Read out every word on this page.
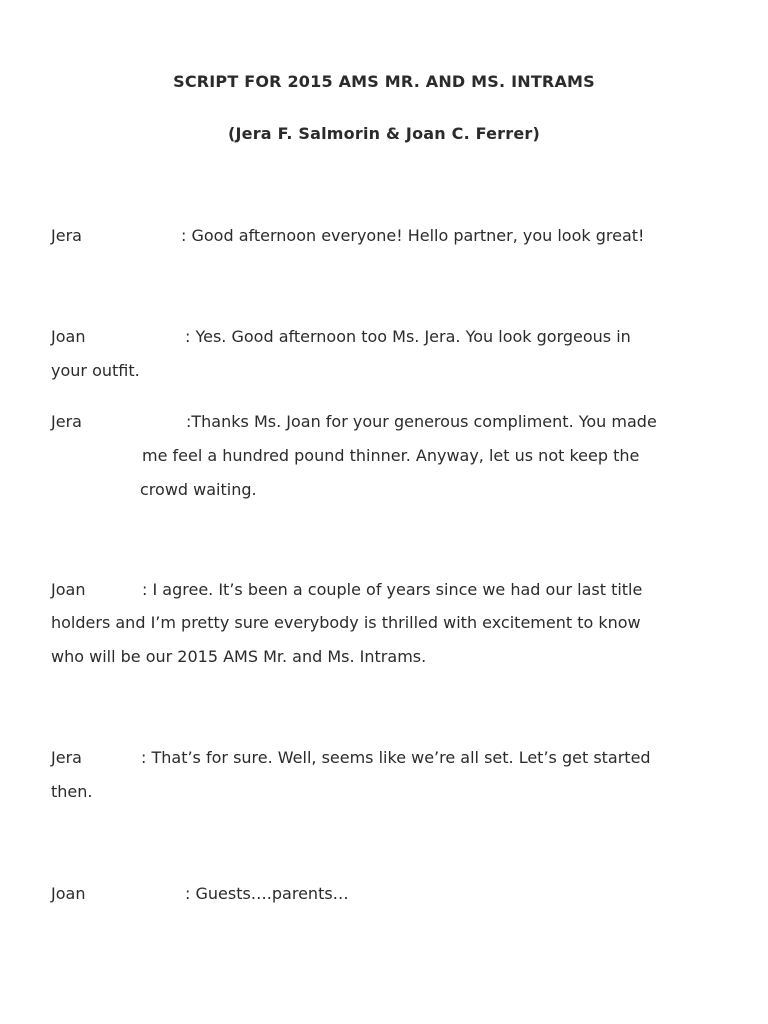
SCRIPT FOR 2015 AMS MR. AND MS. INTRAMS
(Jera F. Salmorin & Joan C. Ferrer)
Jera	: Good afternoon everyone! Hello partner, you look great!
Joan	: Yes. Good afternoon too Ms. Jera. You look gorgeous in
your outfit.
Jera	:Thanks Ms. Joan for your generous compliment. You made
me feel a hundred pound thinner. Anyway, let us not keep the
crowd waiting.
Joan	: I agree. It’s been a couple of years since we had our last title
holders and I’m pretty sure everybody is thrilled with excitement to know
who will be our 2015 AMS Mr. and Ms. Intrams.
Jera	: That’s for sure. Well, seems like we’re all set. Let’s get started
then.
Joan	: Guests….parents…
